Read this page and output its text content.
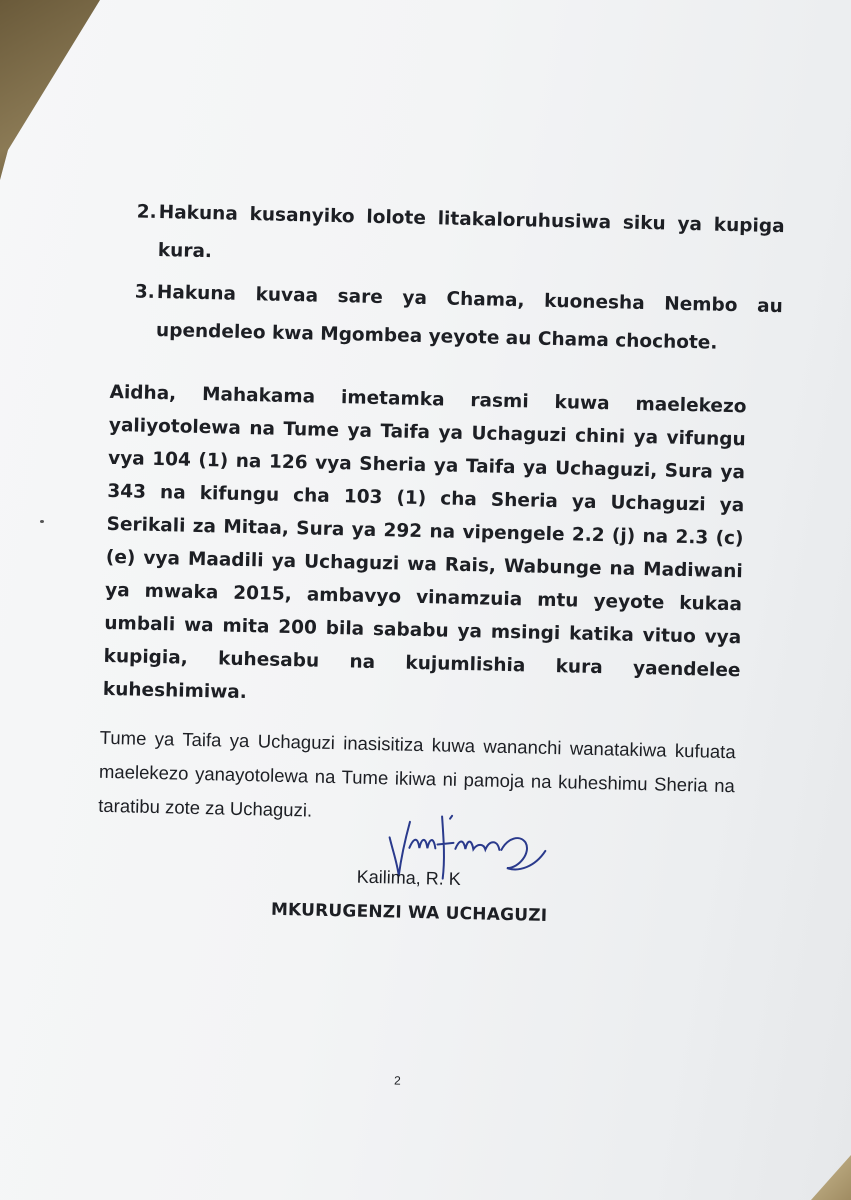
2. Hakuna kusanyiko lolote litakaloruhusiwa siku ya kupiga kura.
3. Hakuna kuvaa sare ya Chama, kuonesha Nembo au upendeleo kwa Mgombea yeyote au Chama chochote.
Aidha, Mahakama imetamka rasmi kuwa maelekezo yaliyotolewa na Tume ya Taifa ya Uchaguzi chini ya vifungu vya 104 (1) na 126 vya Sheria ya Taifa ya Uchaguzi, Sura ya 343 na kifungu cha 103 (1) cha Sheria ya Uchaguzi ya Serikali za Mitaa, Sura ya 292 na vipengele 2.2 (j) na 2.3 (c) (e) vya Maadili ya Uchaguzi wa Rais, Wabunge na Madiwani ya mwaka 2015, ambavyo vinamzuia mtu yeyote kukaa umbali wa mita 200 bila sababu ya msingi katika vituo vya kupigia, kuhesabu na kujumlishia kura yaendelee kuheshimiwa.
Tume ya Taifa ya Uchaguzi inasisitiza kuwa wananchi wanatakiwa kufuata maelekezo yanayotolewa na Tume ikiwa ni pamoja na kuheshimu Sheria na taratibu zote za Uchaguzi.
Kailima, R. K
MKURUGENZI WA UCHAGUZI
2
